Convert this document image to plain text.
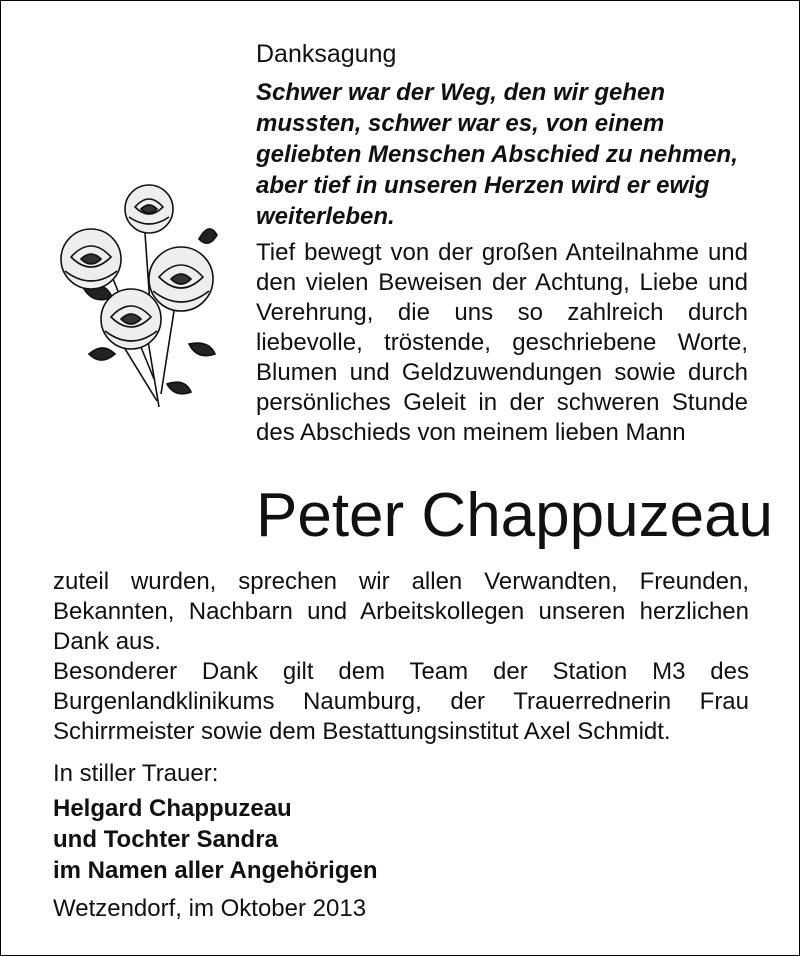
Danksagung

Schwer war der Weg, den wir gehen mussten, schwer war es, von einem geliebten Menschen Abschied zu nehmen, aber tief in unseren Herzen wird er ewig weiterleben.

Tief bewegt von der großen Anteilnahme und den vielen Beweisen der Achtung, Liebe und Verehrung, die uns so zahlreich durch liebevolle, tröstende, geschriebene Worte, Blumen und Geldzuwendungen sowie durch persönliches Geleit in der schweren Stunde des Abschieds von meinem lieben Mann

Peter Chappuzeau

zuteil wurden, sprechen wir allen Verwandten, Freunden, Bekannten, Nachbarn und Arbeitskollegen unseren herzlichen Dank aus.

Besonderer Dank gilt dem Team der Station M3 des Burgenlandklinikums Naumburg, der Trauerrednerin Frau Schirrmeister sowie dem Bestattungsinstitut Axel Schmidt.

In stiller Trauer:

Helgard Chappuzeau

und Tochter Sandra

im Namen aller Angehörigen

Wetzendorf, im Oktober 2013
